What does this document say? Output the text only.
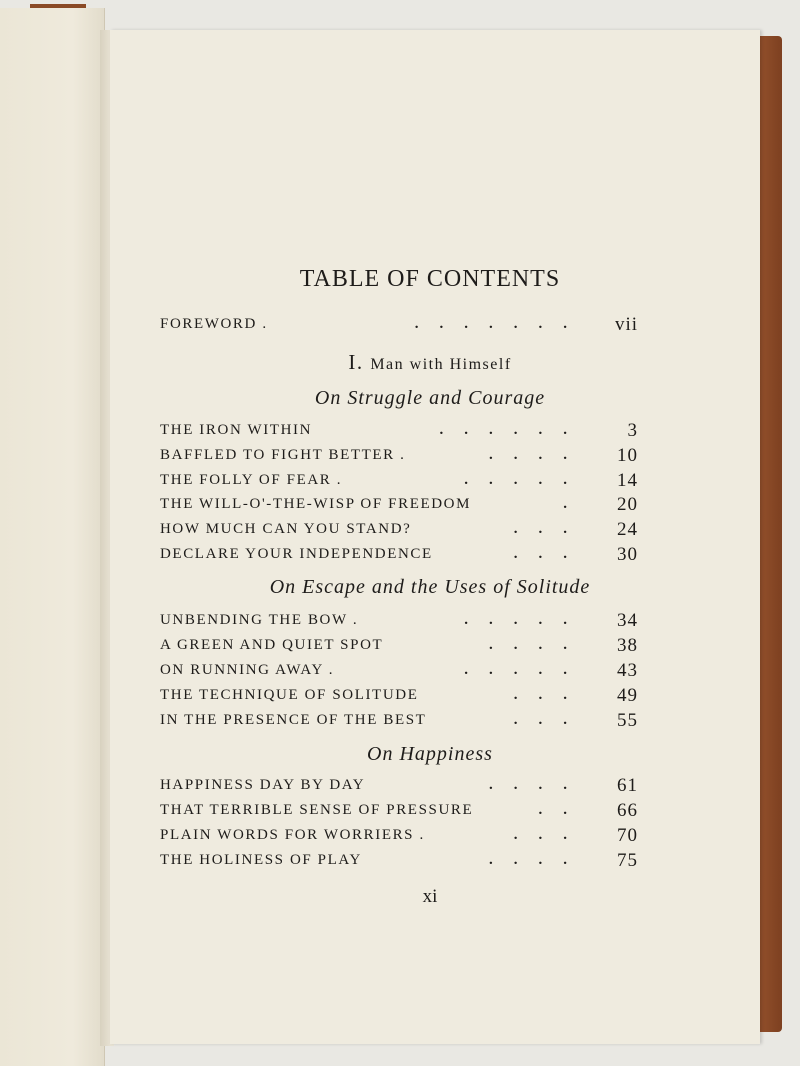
TABLE OF CONTENTS
FOREWORD .	....... vii
I. Man with Himself
On Struggle and Courage
THE IRON WITHIN	...... 3
BAFFLED TO FIGHT BETTER .	.... 10
THE FOLLY OF FEAR .	..... 14
THE WILL-O'-THE-WISP OF FREEDOM	. 20
HOW MUCH CAN YOU STAND?	... 24
DECLARE YOUR INDEPENDENCE	... 30
On Escape and the Uses of Solitude
UNBENDING THE BOW .	..... 34
A GREEN AND QUIET SPOT	.... 38
ON RUNNING AWAY .	..... 43
THE TECHNIQUE OF SOLITUDE	... 49
IN THE PRESENCE OF THE BEST	... 55
On Happiness
HAPPINESS DAY BY DAY	.... 61
THAT TERRIBLE SENSE OF PRESSURE	.. 66
PLAIN WORDS FOR WORRIERS .	... 70
THE HOLINESS OF PLAY	.... 75
xi
